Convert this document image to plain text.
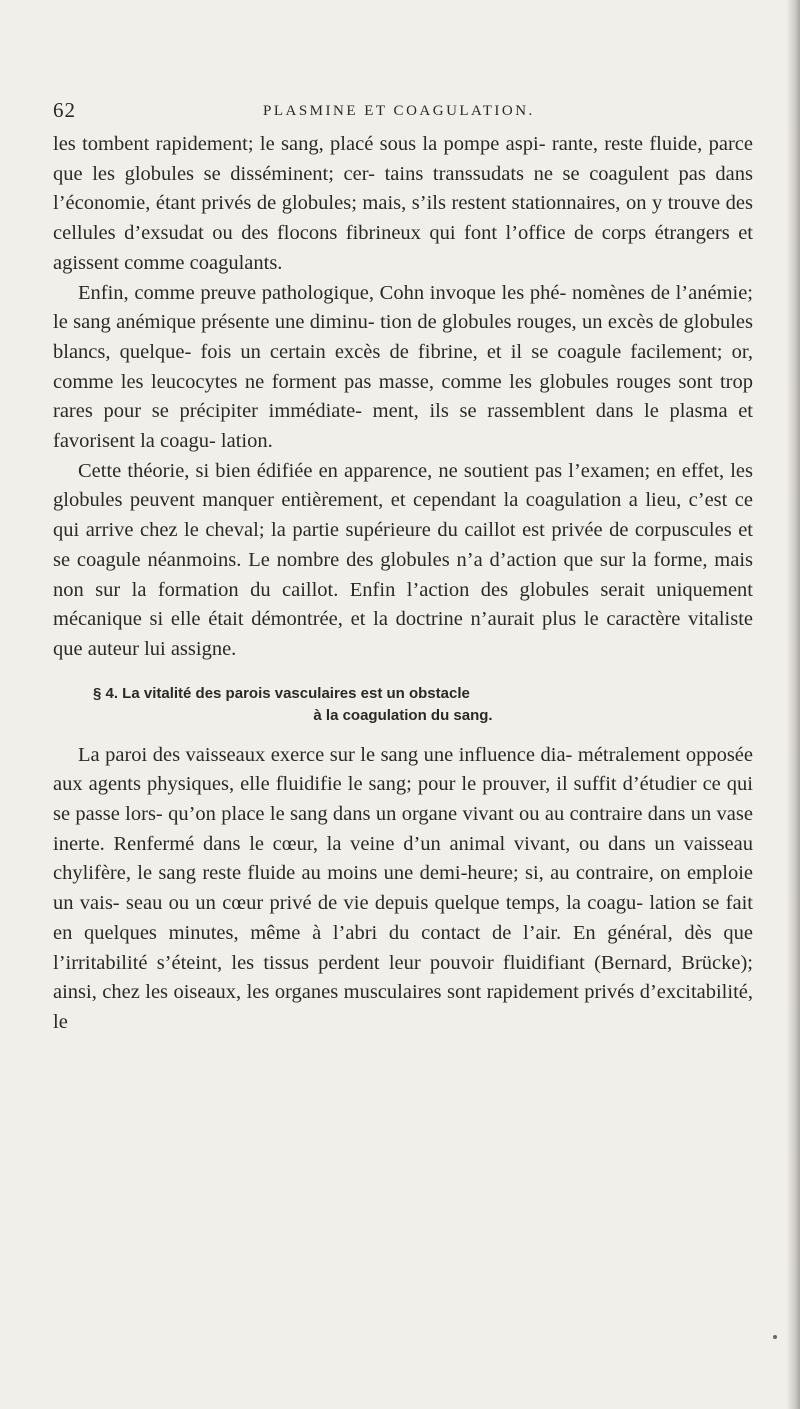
62	PLASMINE ET COAGULATION.

les tombent rapidement; le sang, placé sous la pompe aspi- rante, reste fluide, parce que les globules se disséminent; cer- tains transsudats ne se coagulent pas dans l’économie, étant privés de globules; mais, s’ils restent stationnaires, on y trouve des cellules d’exsudat ou des flocons fibrineux qui font l’office de corps étrangers et agissent comme coagulants.

Enfin, comme preuve pathologique, Cohn invoque les phé- nomènes de l’anémie; le sang anémique présente une diminu- tion de globules rouges, un excès de globules blancs, quelque- fois un certain excès de fibrine, et il se coagule facilement; or, comme les leucocytes ne forment pas masse, comme les globules rouges sont trop rares pour se précipiter immédiate- ment, ils se rassemblent dans le plasma et favorisent la coagu- lation.

Cette théorie, si bien édifiée en apparence, ne soutient pas l’examen; en effet, les globules peuvent manquer entièrement, et cependant la coagulation a lieu, c’est ce qui arrive chez le cheval; la partie supérieure du caillot est privée de corpuscules et se coagule néanmoins. Le nombre des globules n’a d’action que sur la forme, mais non sur la formation du caillot. Enfin l’action des globules serait uniquement mécanique si elle était démontrée, et la doctrine n’aurait plus le caractère vitaliste que auteur lui assigne.

§ 4. La vitalité des parois vasculaires est un obstacle
à la coagulation du sang.

La paroi des vaisseaux exerce sur le sang une influence dia- métralement opposée aux agents physiques, elle fluidifie le sang; pour le prouver, il suffit d’étudier ce qui se passe lors- qu’on place le sang dans un organe vivant ou au contraire dans un vase inerte. Renfermé dans le cœur, la veine d’un animal vivant, ou dans un vaisseau chylifère, le sang reste fluide au moins une demi-heure; si, au contraire, on emploie un vais- seau ou un cœur privé de vie depuis quelque temps, la coagu- lation se fait en quelques minutes, même à l’abri du contact de l’air. En général, dès que l’irritabilité s’éteint, les tissus perdent leur pouvoir fluidifiant (Bernard, Brücke); ainsi, chez les oiseaux, les organes musculaires sont rapidement privés d’excitabilité, le
